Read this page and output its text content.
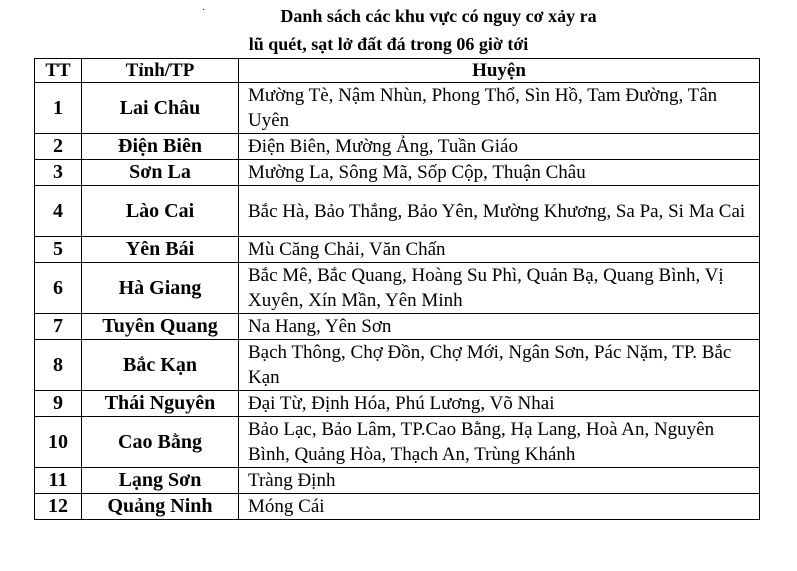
·	Danh sách các khu vực có nguy cơ xảy ra
lũ quét, sạt lở đất đá trong 06 giờ tới
TT	Tỉnh/TP	Huyện
1	Lai Châu	Mường Tè, Nậm Nhùn, Phong Thổ, Sìn Hồ, Tam Đường, Tân Uyên
2	Điện Biên	Điện Biên, Mường Ảng, Tuần Giáo
3	Sơn La	Mường La, Sông Mã, Sốp Cộp, Thuận Châu
4	Lào Cai	Bắc Hà, Bảo Thắng, Bảo Yên, Mường Khương, Sa Pa, Si Ma Cai
5	Yên Bái	Mù Căng Chải, Văn Chấn
6	Hà Giang	Bắc Mê, Bắc Quang, Hoàng Su Phì, Quản Bạ, Quang Bình, Vị Xuyên, Xín Mần, Yên Minh
7	Tuyên Quang	Na Hang, Yên Sơn
8	Bắc Kạn	Bạch Thông, Chợ Đồn, Chợ Mới, Ngân Sơn, Pác Nặm, TP. Bắc Kạn
9	Thái Nguyên	Đại Từ, Định Hóa, Phú Lương, Võ Nhai
10	Cao Bằng	Bảo Lạc, Bảo Lâm, TP.Cao Bằng, Hạ Lang, Hoà An, Nguyên Bình, Quảng Hòa, Thạch An, Trùng Khánh
11	Lạng Sơn	Tràng Định
12	Quảng Ninh	Móng Cái
